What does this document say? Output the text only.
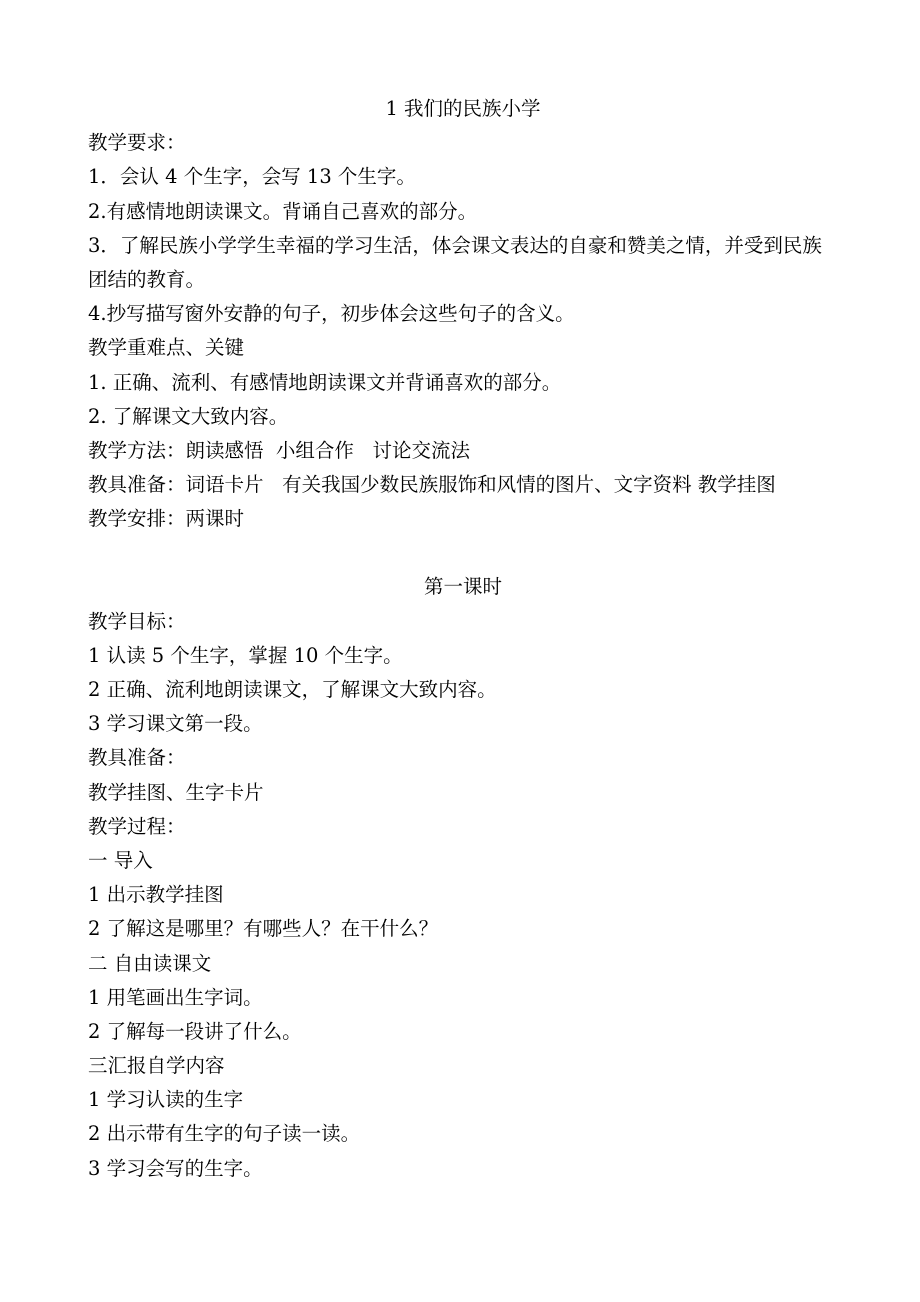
1 我们的民族小学
教学要求：
1．会认 4 个生字，会写 13 个生字。
2.有感情地朗读课文。背诵自己喜欢的部分。
3．了解民族小学学生幸福的学习生活，体会课文表达的自豪和赞美之情，并受到民族团结的教育。
4.抄写描写窗外安静的句子，初步体会这些句子的含义。
教学重难点、关键
1. 正确、流利、有感情地朗读课文并背诵喜欢的部分。
2. 了解课文大致内容。
教学方法：朗读感悟  小组合作   讨论交流法
教具准备：词语卡片   有关我国少数民族服饰和风情的图片、文字资料 教学挂图
教学安排：两课时
第一课时
教学目标：
1 认读 5 个生字，掌握 10 个生字。
2 正确、流利地朗读课文，了解课文大致内容。
3 学习课文第一段。
教具准备：
教学挂图、生字卡片
教学过程：
一 导入
1 出示教学挂图
2 了解这是哪里？有哪些人？在干什么？
二 自由读课文
1 用笔画出生字词。
2 了解每一段讲了什么。
三汇报自学内容
1 学习认读的生字
2 出示带有生字的句子读一读。
3 学习会写的生字。
